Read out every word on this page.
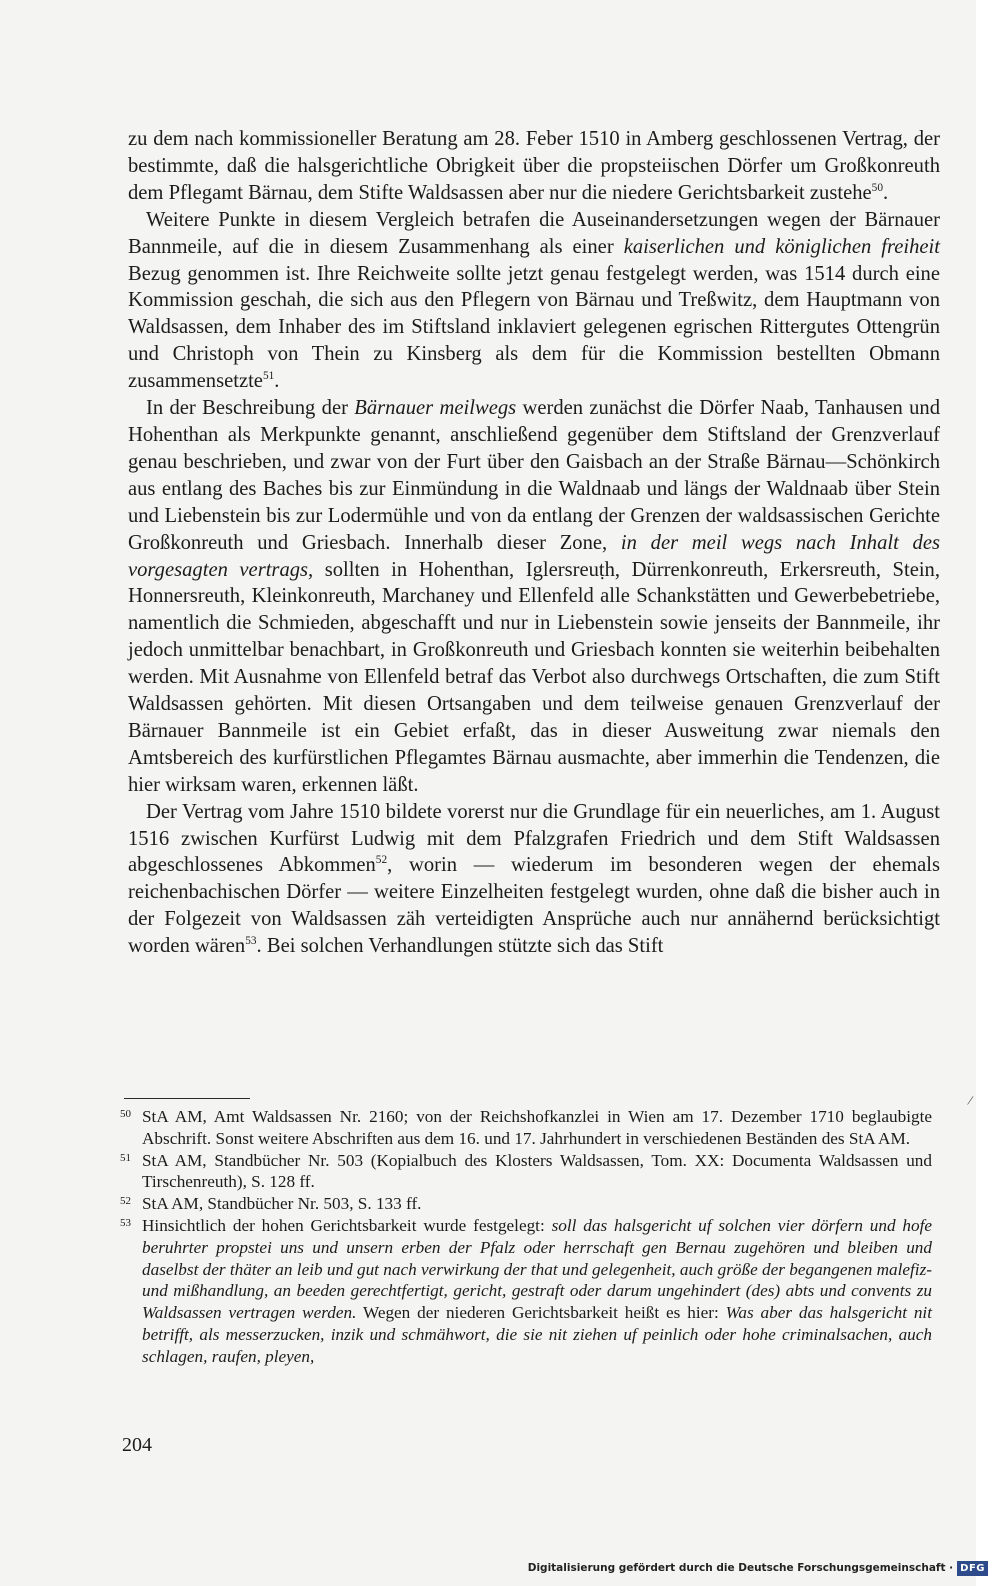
zu dem nach kommissioneller Beratung am 28. Feber 1510 in Amberg geschlossenen Vertrag, der bestimmte, daß die halsgerichtliche Obrigkeit über die propsteiischen Dörfer um Großkonreuth dem Pflegamt Bärnau, dem Stifte Waldsassen aber nur die niedere Gerichtsbarkeit zustehe$^{50}$.

Weitere Punkte in diesem Vergleich betrafen die Auseinandersetzungen wegen der Bärnauer Bannmeile, auf die in diesem Zusammenhang als einer kaiserlichen und königlichen freiheit Bezug genommen ist. Ihre Reichweite sollte jetzt genau festgelegt werden, was 1514 durch eine Kommission geschah, die sich aus den Pflegern von Bärnau und Treßwitz, dem Hauptmann von Waldsassen, dem Inhaber des im Stiftsland inklaviert gelegenen egrischen Rittergutes Ottengrün und Christoph von Thein zu Kinsberg als dem für die Kommission bestellten Obmann zusammensetzte$^{51}$.

In der Beschreibung der Bärnauer meilwegs werden zunächst die Dörfer Naab, Tanhausen und Hohenthan als Merkpunkte genannt, anschließend gegenüber dem Stiftsland der Grenzverlauf genau beschrieben, und zwar von der Furt über den Gaisbach an der Straße Bärnau—Schönkirch aus entlang des Baches bis zur Einmündung in die Waldnaab und längs der Waldnaab über Stein und Liebenstein bis zur Lodermühle und von da entlang der Grenzen der waldsassischen Gerichte Großkonreuth und Griesbach. Innerhalb dieser Zone, in der meil wegs nach Inhalt des vorgesagten vertrags, sollten in Hohenthan, Iglersreuṭh, Dürrenkonreuth, Erkersreuth, Stein, Honnersreuth, Kleinkonreuth, Marchaney und Ellenfeld alle Schankstätten und Gewerbebetriebe, namentlich die Schmieden, abgeschafft und nur in Liebenstein sowie jenseits der Bannmeile, ihr jedoch unmittelbar benachbart, in Großkonreuth und Griesbach konnten sie weiterhin beibehalten werden. Mit Ausnahme von Ellenfeld betraf das Verbot also durchwegs Ortschaften, die zum Stift Waldsassen gehörten. Mit diesen Ortsangaben und dem teilweise genauen Grenzverlauf der Bärnauer Bannmeile ist ein Gebiet erfaßt, das in dieser Ausweitung zwar niemals den Amtsbereich des kurfürstlichen Pflegamtes Bärnau ausmachte, aber immerhin die Tendenzen, die hier wirksam waren, erkennen läßt.

Der Vertrag vom Jahre 1510 bildete vorerst nur die Grundlage für ein neuerliches, am 1. August 1516 zwischen Kurfürst Ludwig mit dem Pfalzgrafen Friedrich und dem Stift Waldsassen abgeschlossenes Abkommen$^{52}$, worin — wiederum im besonderen wegen der ehemals reichenbachischen Dörfer — weitere Einzelheiten festgelegt wurden, ohne daß die bisher auch in der Folgezeit von Waldsassen zäh verteidigten Ansprüche auch nur annähernd berücksichtigt worden wären$^{53}$. Bei solchen Verhandlungen stützte sich das Stift

50 StA AM, Amt Waldsassen Nr. 2160; von der Reichshofkanzlei in Wien am 17. Dezember 1710 beglaubigte Abschrift. Sonst weitere Abschriften aus dem 16. und 17. Jahrhundert in verschiedenen Beständen des StA AM.

51 StA AM, Standbücher Nr. 503 (Kopialbuch des Klosters Waldsassen, Tom. XX: Documenta Waldsassen und Tirschenreuth), S. 128 ff.

52 StA AM, Standbücher Nr. 503, S. 133 ff.

53 Hinsichtlich der hohen Gerichtsbarkeit wurde festgelegt: soll das halsgericht uf solchen vier dörfern und hofe beruhrter propstei uns und unsern erben der Pfalz oder herrschaft gen Bernau zugehören und bleiben und daselbst der thäter an leib und gut nach verwirkung der that und gelegenheit, auch größe der begangenen malefiz- und mißhandlung, an beeden gerechtfertigt, gericht, gestraft oder darum ungehindert (des) abts und convents zu Waldsassen vertragen werden. Wegen der niederen Gerichtsbarkeit heißt es hier: Was aber das halsgericht nit betrifft, als messerzucken, inzik und schmähwort, die sie nit ziehen uf peinlich oder hohe criminalsachen, auch schlagen, raufen, pleyen,

204
/
Digitalisierung gefördert durch die Deutsche Forschungsgemeinschaft · DFG
